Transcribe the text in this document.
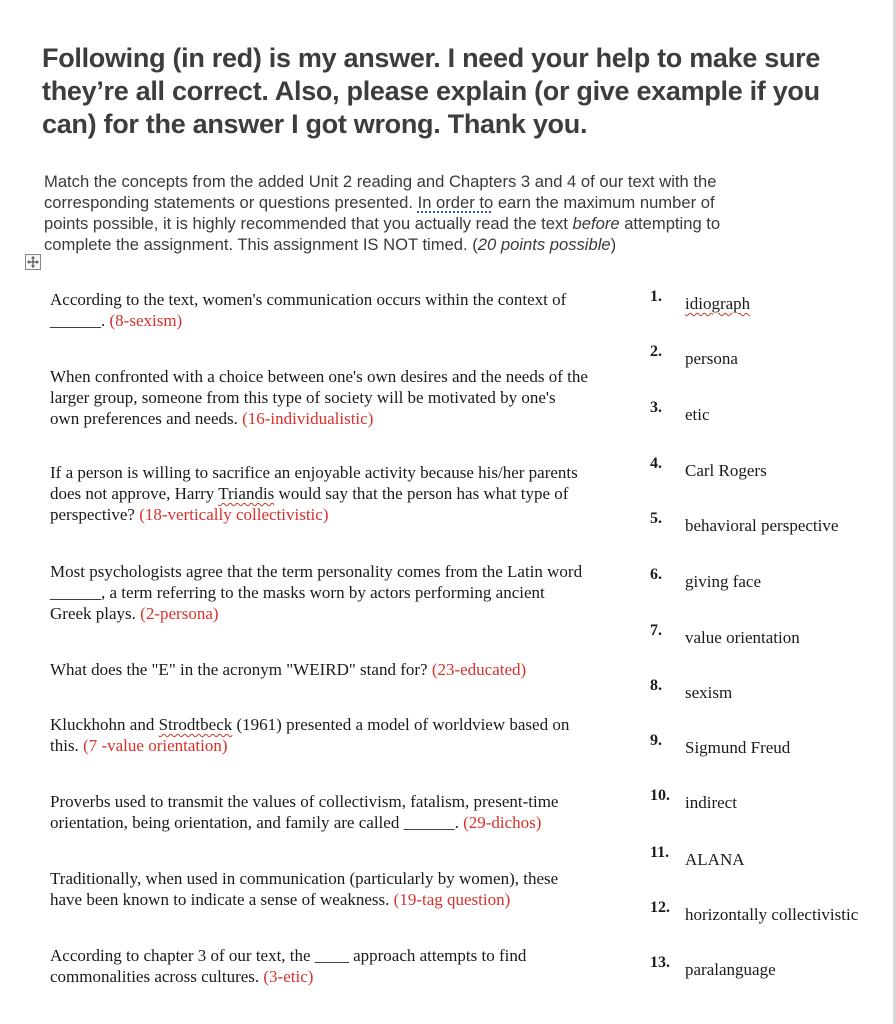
Following (in red) is my answer. I need your help to make sure
they’re all correct. Also, please explain (or give example if you
can) for the answer I got wrong. Thank you.
Match the concepts from the added Unit 2 reading and Chapters 3 and 4 of our text with the
corresponding statements or questions presented. In order to earn the maximum number of
points possible, it is highly recommended that you actually read the text before attempting to
complete the assignment. This assignment IS NOT timed. (20 points possible)
According to the text, women's communication occurs within the context of
______. (8-sexism)
When confronted with a choice between one's own desires and the needs of the
larger group, someone from this type of society will be motivated by one's
own preferences and needs. (16-individualistic)
If a person is willing to sacrifice an enjoyable activity because his/her parents
does not approve, Harry Triandis would say that the person has what type of
perspective? (18-vertically collectivistic)
Most psychologists agree that the term personality comes from the Latin word
______, a term referring to the masks worn by actors performing ancient
Greek plays. (2-persona)
What does the "E" in the acronym "WEIRD" stand for? (23-educated)
Kluckhohn and Strodtbeck (1961) presented a model of worldview based on
this. (7 -value orientation)
Proverbs used to transmit the values of collectivism, fatalism, present-time
orientation, being orientation, and family are called ______. (29-dichos)
Traditionally, when used in communication (particularly by women), these
have been known to indicate a sense of weakness. (19-tag question)
According to chapter 3 of our text, the ____ approach attempts to find
commonalities across cultures. (3-etic)
1. idiograph
2. persona
3. etic
4. Carl Rogers
5. behavioral perspective
6. giving face
7. value orientation
8. sexism
9. Sigmund Freud
10. indirect
11. ALANA
12. horizontally collectivistic
13. paralanguage
